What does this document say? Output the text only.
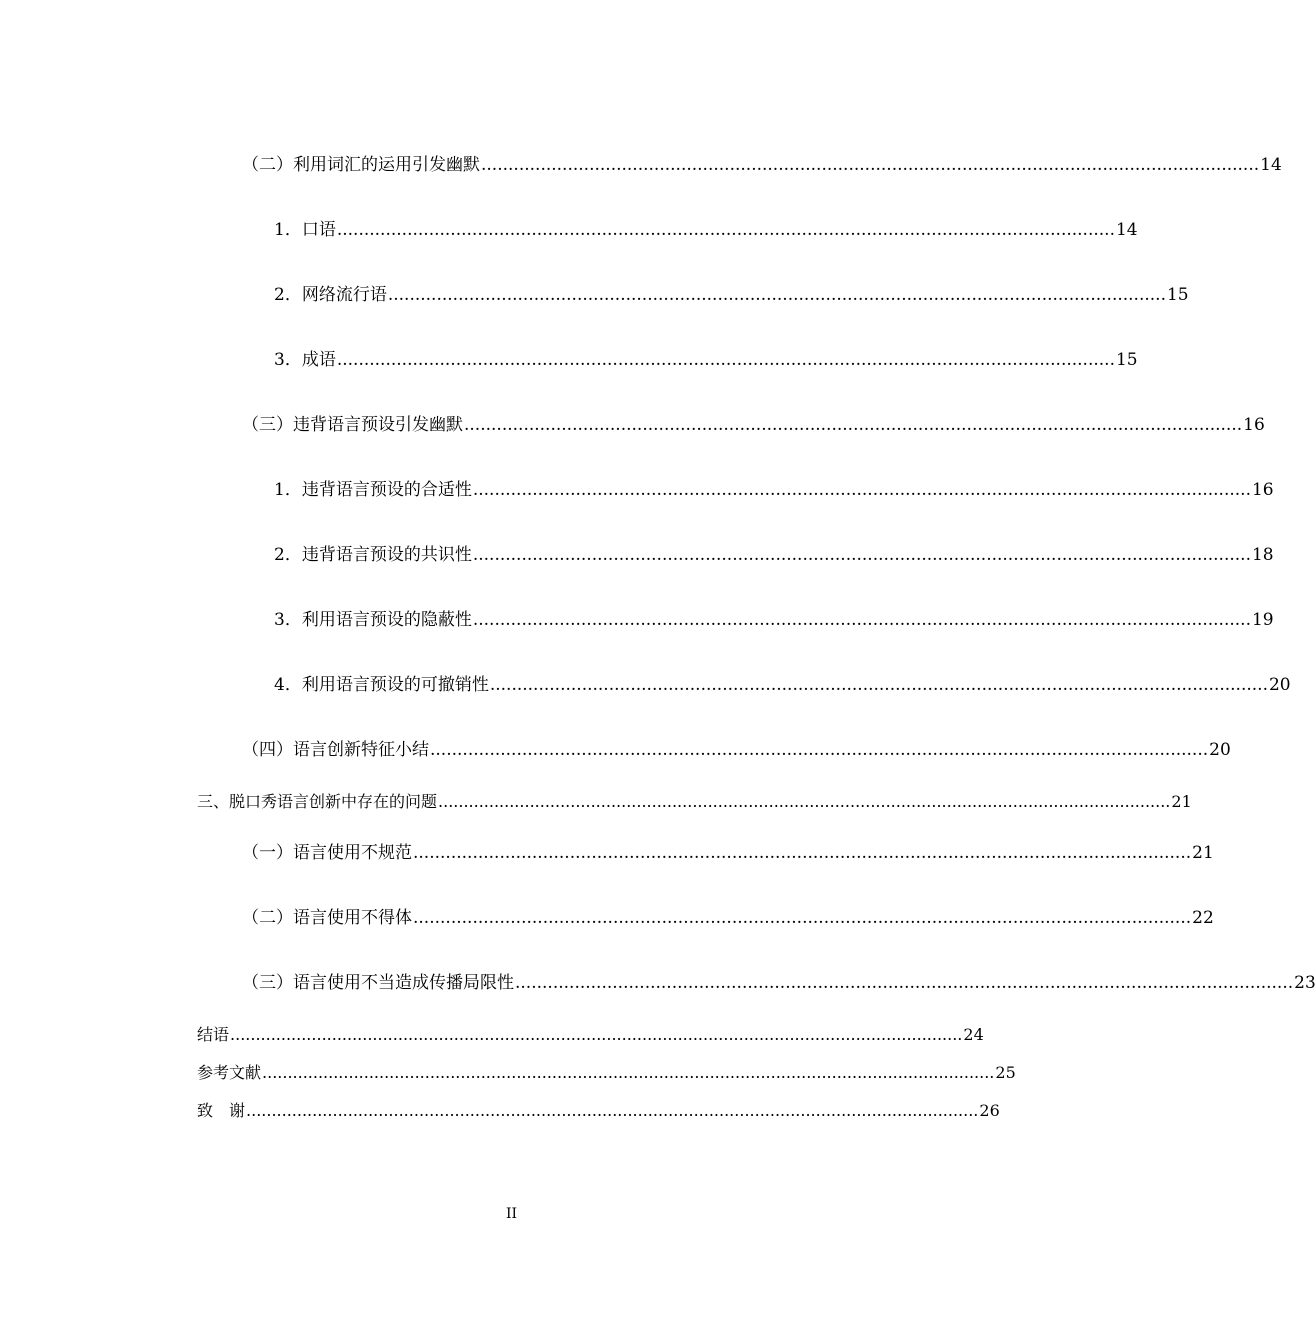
（二）利用词汇的运用引发幽默 ................................................................................................................................................ 14
1．口语 ................................................................................................................................................ 14
2．网络流行语 ................................................................................................................................................ 15
3．成语 ................................................................................................................................................ 15
（三）违背语言预设引发幽默 ................................................................................................................................................ 16
1．违背语言预设的合适性 ................................................................................................................................................ 16
2．违背语言预设的共识性 ................................................................................................................................................ 18
3．利用语言预设的隐蔽性 ................................................................................................................................................ 19
4．利用语言预设的可撤销性 ................................................................................................................................................ 20
（四）语言创新特征小结 ................................................................................................................................................ 20
三、脱口秀语言创新中存在的问题 ................................................................................................................................................ 21
（一）语言使用不规范 ................................................................................................................................................ 21
（二）语言使用不得体 ................................................................................................................................................ 22
（三）语言使用不当造成传播局限性 ................................................................................................................................................ 23
结语 ................................................................................................................................................ 24
参考文献 ................................................................................................................................................ 25
致　谢 ................................................................................................................................................ 26
II
